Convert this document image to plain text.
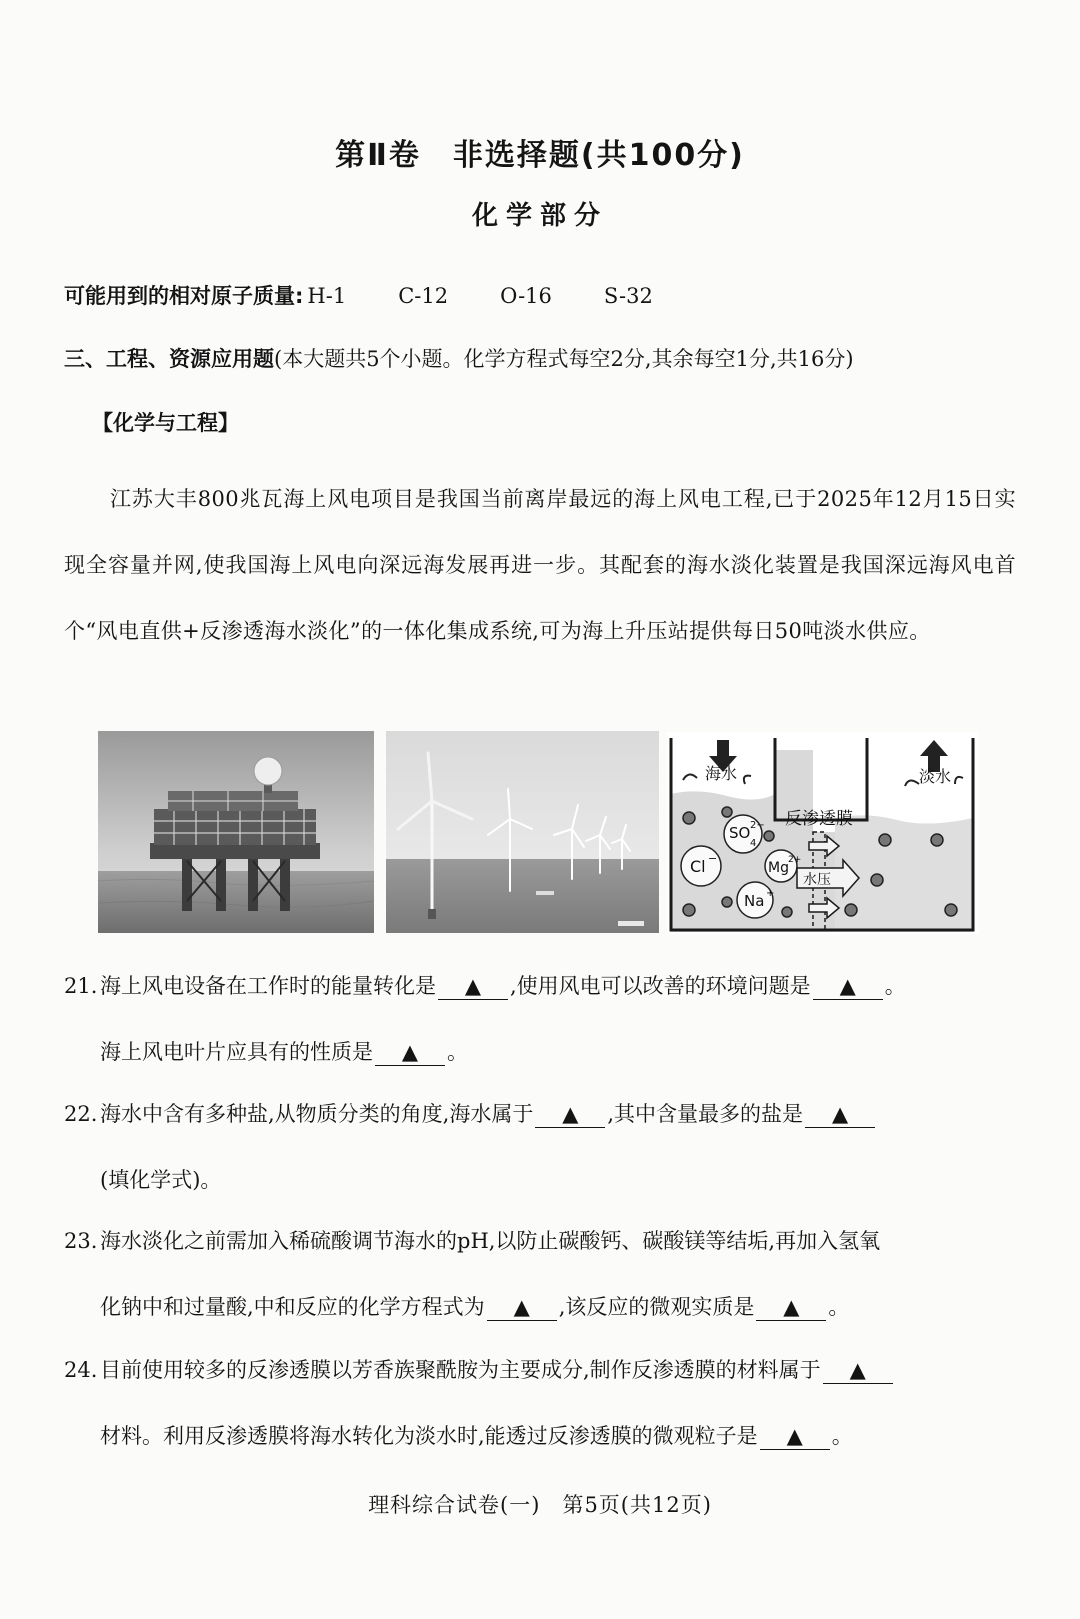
第Ⅱ卷　非选择题(共100分)
化学部分
可能用到的相对原子质量: H-1 C-12 O-16 S-32
三、工程、资源应用题(本大题共5个小题。化学方程式每空2分,其余每空1分,共16分)
【化学与工程】
江苏大丰800兆瓦海上风电项目是我国当前离岸最远的海上风电工程,已于2025年12月15日实现全容量并网,使我国海上风电向深远海发展再进一步。其配套的海水淡化装置是我国深远海风电首个“风电直供+反渗透海水淡化”的一体化集成系统,可为海上升压站提供每日50吨淡水供应。
海水	淡水
反渗透膜
SO 2−
4
Cl −
Mg 2+
Na +
水压
21. 海上风电设备在工作时的能量转化是 ▲ ,使用风电可以改善的环境问题是 ▲ 。
海上风电叶片应具有的性质是 ▲ 。
22. 海水中含有多种盐,从物质分类的角度,海水属于 ▲ ,其中含量最多的盐是 ▲
(填化学式)。
23. 海水淡化之前需加入稀硫酸调节海水的pH,以防止碳酸钙、碳酸镁等结垢,再加入氢氧
化钠中和过量酸,中和反应的化学方程式为 ▲ ,该反应的微观实质是 ▲ 。
24. 目前使用较多的反渗透膜以芳香族聚酰胺为主要成分,制作反渗透膜的材料属于 ▲
材料。利用反渗透膜将海水转化为淡水时,能透过反渗透膜的微观粒子是 ▲ 。
理科综合试卷(一)　第5页(共12页)
